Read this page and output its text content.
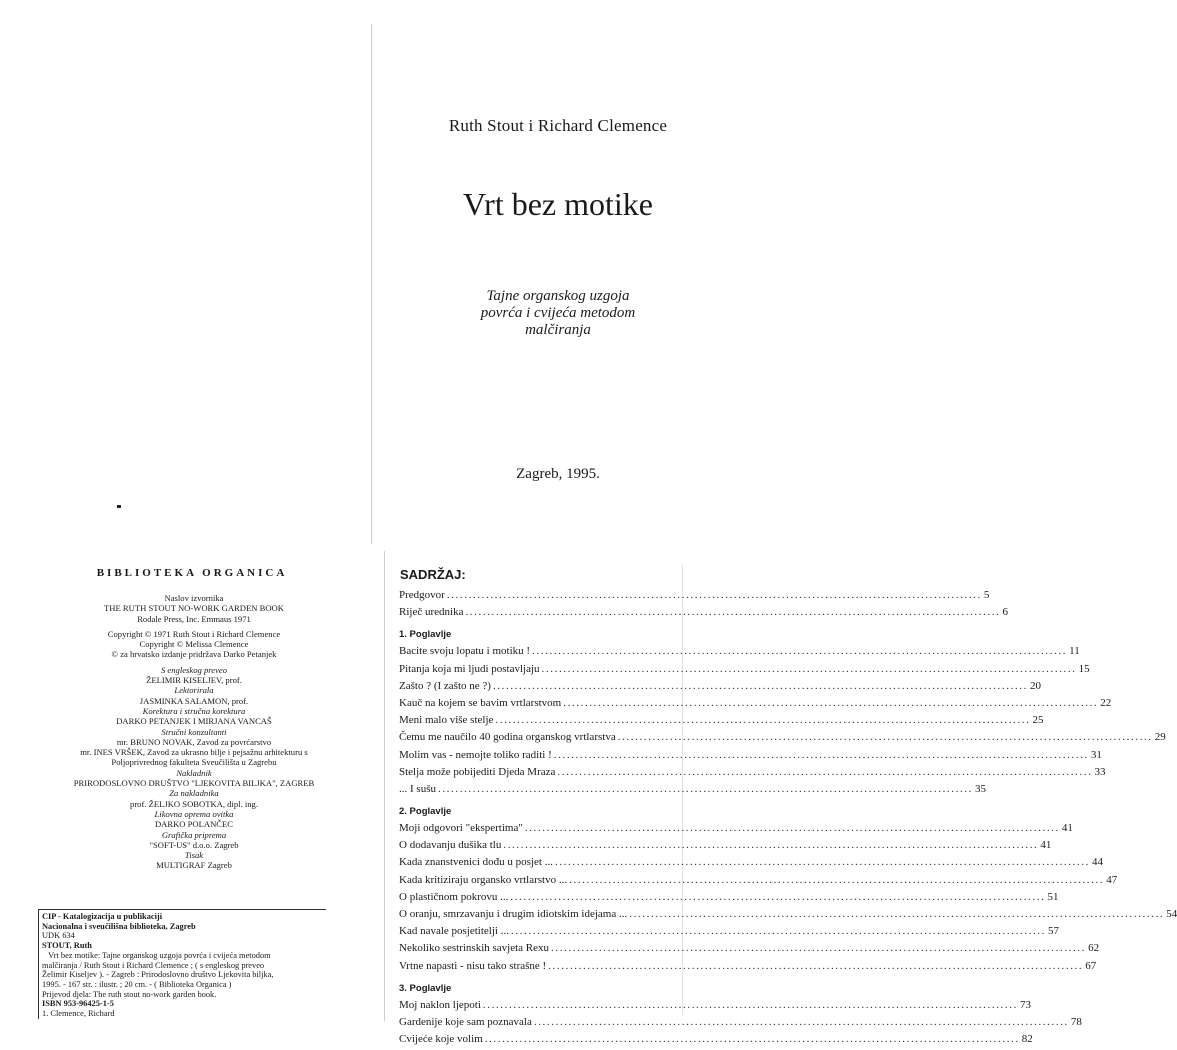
Ruth Stout i Richard Clemence
Vrt bez motike
Tajne organskog uzgoja
povrća i cvijeća metodom
malčiranja
Zagreb, 1995.
BIBLIOTEKA ORGANICA
Naslov izvornika
THE RUTH STOUT NO-WORK GARDEN BOOK
Rodale Press, Inc. Emmaus 1971
Copyright © 1971 Ruth Stout i Richard Clemence
Copyright © Melissa Clemence
© za hrvatsko izdanje pridržava Darko Petanjek
S engleskog preveo
ŽELIMIR KISELJEV, prof.
Lektorirala
JASMINKA SALAMON, prof.
Korektura i stručna korektura
DARKO PETANJEK I MIRJANA VANCAŠ
Stručni konzultanti
mr. BRUNO NOVAK, Zavod za povrćarstvo
mr. INES VRŠEK, Zavod za ukrasno bilje i pejsažnu arhitekturu s
Poljoprivrednog fakulteta Sveučilišta u Zagrebu
Nakladnik
PRIRODOSLOVNO DRUŠTVO "LJEKOVITA BILJKA", ZAGREB
Za nakladnika
prof. ŽELJKO SOBOTKA, dipl. ing.
Likovna oprema ovitka
DARKO POLANČEC
Grafička priprema
"SOFT-US" d.o.o. Zagreb
Tisak
MULTIGRAF Zagreb
CIP - Katalogizacija u publikaciji
Nacionalna i sveučilišna biblioteka, Zagreb
UDK 634
STOUT, Ruth
Vrt bez motike: Tajne organskog uzgoja povrća i cvijeća metodom
malčiranja / Ruth Stout i Richard Clemence ; ( s engleskog preveo
Želimir Kiseljev ). - Zagreb : Prirodoslovno društvo Ljekovita biljka,
1995. - 167 str. : ilustr. ; 20 cm. - ( Biblioteka Organica )
Prijevod djela: The ruth stout no-work garden book.
ISBN 953-96425-1-5
1. Clemence, Richard
SADRŽAJ:
Predgovor .....	5
Riječ urednika .....	6
1. Poglavlje
Bacite svoju lopatu i motiku ! .....	11
Pitanja koja mi ljudi postavljaju .....	15
Zašto ? (I zašto ne ?) .....	20
Kauč na kojem se bavim vrtlarstvom .....	22
Meni malo više stelje .....	25
Čemu me naučilo 40 godina organskog vrtlarstva .....	29
Molim vas - nemojte toliko raditi ! .....	31
Stelja može pobijediti Djeda Mraza .....	33
... I sušu .....	35
2. Poglavlje
Moji odgovori "ekspertima" .....	41
O dodavanju dušika tlu .....	41
Kada znanstvenici dođu u posjet ... .....	44
Kada kritiziraju organsko vrtlarstvo ... .....	47
O plastičnom pokrovu ... .....	51
O oranju, smrzavanju i drugim idiotskim idejama ... .....	54
Kad navale posjetitelji ... .....	57
Nekoliko sestrinskih savjeta Rexu .....	62
Vrtne napasti - nisu tako strašne ! .....	67
3. Poglavlje
Moj naklon ljepoti .....	73
Gardenije koje sam poznavala .....	78
Cvijeće koje volim .....	82
